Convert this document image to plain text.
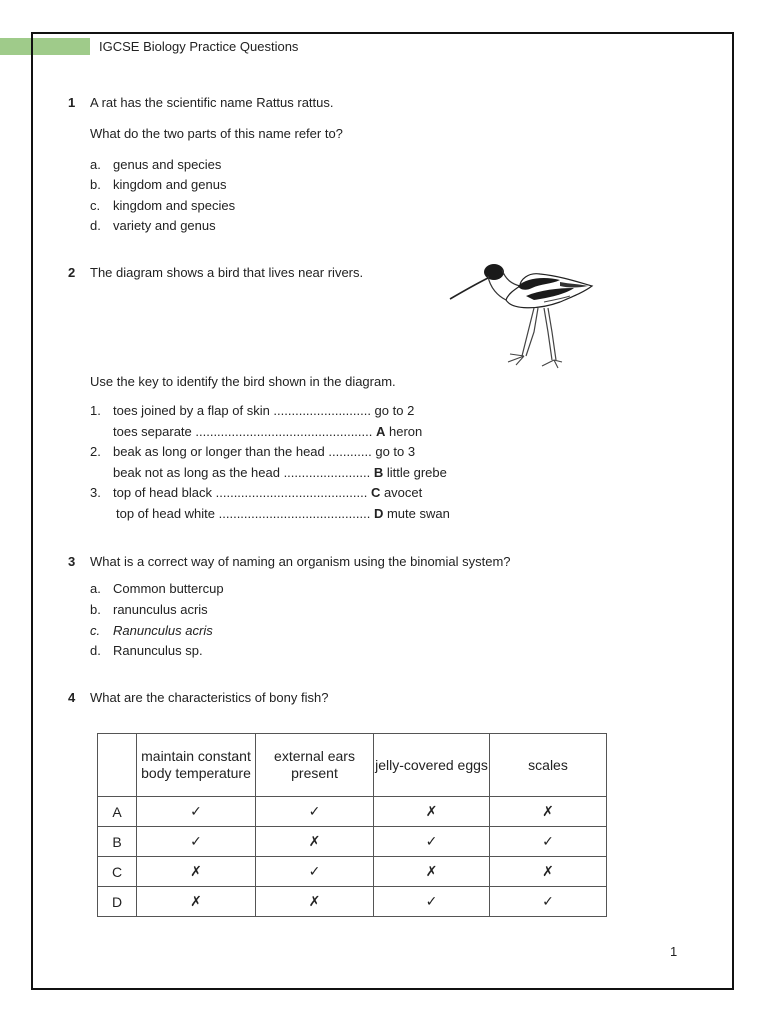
IGCSE Biology Practice Questions
1 A rat has the scientific name Rattus rattus.
What do the two parts of this name refer to?
a. genus and species
b. kingdom and genus
c. kingdom and species
d. variety and genus
2 The diagram shows a bird that lives near rivers.
Use the key to identify the bird shown in the diagram.
1. toes joined by a flap of skin ........................... go to 2
toes separate ................................................. A heron
2. beak as long or longer than the head ............ go to 3
beak not as long as the head ........................ B little grebe
3. top of head black .......................................... C avocet
top of head white .......................................... D mute swan
3 What is a correct way of naming an organism using the binomial system?
a. Common buttercup
b. ranunculus acris
c. Ranunculus acris
d. Ranunculus sp.
4 What are the characteristics of bony fish?
	maintain constant body temperature	external ears present	jelly-covered eggs	scales
A	✓	✓	✗	✗
B	✓	✗	✓	✓
C	✗	✓	✗	✗
D	✗	✗	✓	✓
1
